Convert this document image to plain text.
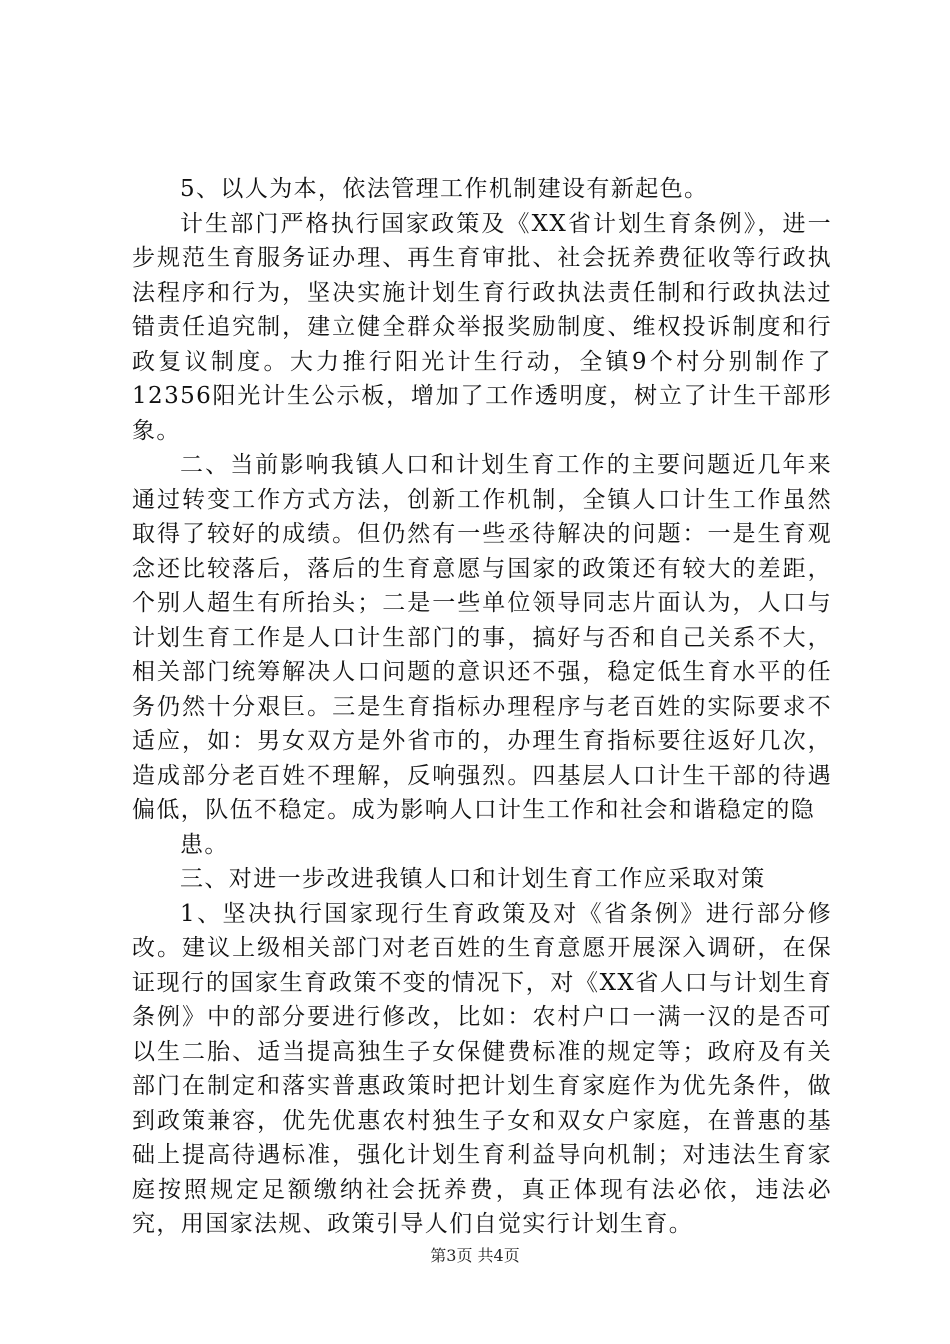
5、以人为本，依法管理工作机制建设有新起色。

计生部门严格执行国家政策及《XX省计划生育条例》，进一步规范生育服务证办理、再生育审批、社会抚养费征收等行政执法程序和行为，坚决实施计划生育行政执法责任制和行政执法过错责任追究制，建立健全群众举报奖励制度、维权投诉制度和行政复议制度。大力推行阳光计生行动，全镇9个村分别制作了12356阳光计生公示板，增加了工作透明度，树立了计生干部形象。

二、当前影响我镇人口和计划生育工作的主要问题近几年来通过转变工作方式方法，创新工作机制，全镇人口计生工作虽然取得了较好的成绩。但仍然有一些丞待解决的问题：一是生育观念还比较落后，落后的生育意愿与国家的政策还有较大的差距，个别人超生有所抬头；二是一些单位领导同志片面认为，人口与计划生育工作是人口计生部门的事，搞好与否和自己关系不大，相关部门统筹解决人口问题的意识还不强，稳定低生育水平的任务仍然十分艰巨。三是生育指标办理程序与老百姓的实际要求不适应，如：男女双方是外省市的，办理生育指标要往返好几次，造成部分老百姓不理解，反响强烈。四基层人口计生干部的待遇偏低，队伍不稳定。成为影响人口计生工作和社会和谐稳定的隐

患。

三、对进一步改进我镇人口和计划生育工作应采取对策

1、坚决执行国家现行生育政策及对《省条例》进行部分修改。建议上级相关部门对老百姓的生育意愿开展深入调研，在保证现行的国家生育政策不变的情况下，对《XX省人口与计划生育条例》中的部分要进行修改，比如：农村户口一满一汉的是否可以生二胎、适当提高独生子女保健费标准的规定等；政府及有关部门在制定和落实普惠政策时把计划生育家庭作为优先条件，做到政策兼容，优先优惠农村独生子女和双女户家庭，在普惠的基础上提高待遇标准，强化计划生育利益导向机制；对违法生育家庭按照规定足额缴纳社会抚养费，真正体现有法必依，违法必究，用国家法规、政策引导人们自觉实行计划生育。

第3页 共4页
